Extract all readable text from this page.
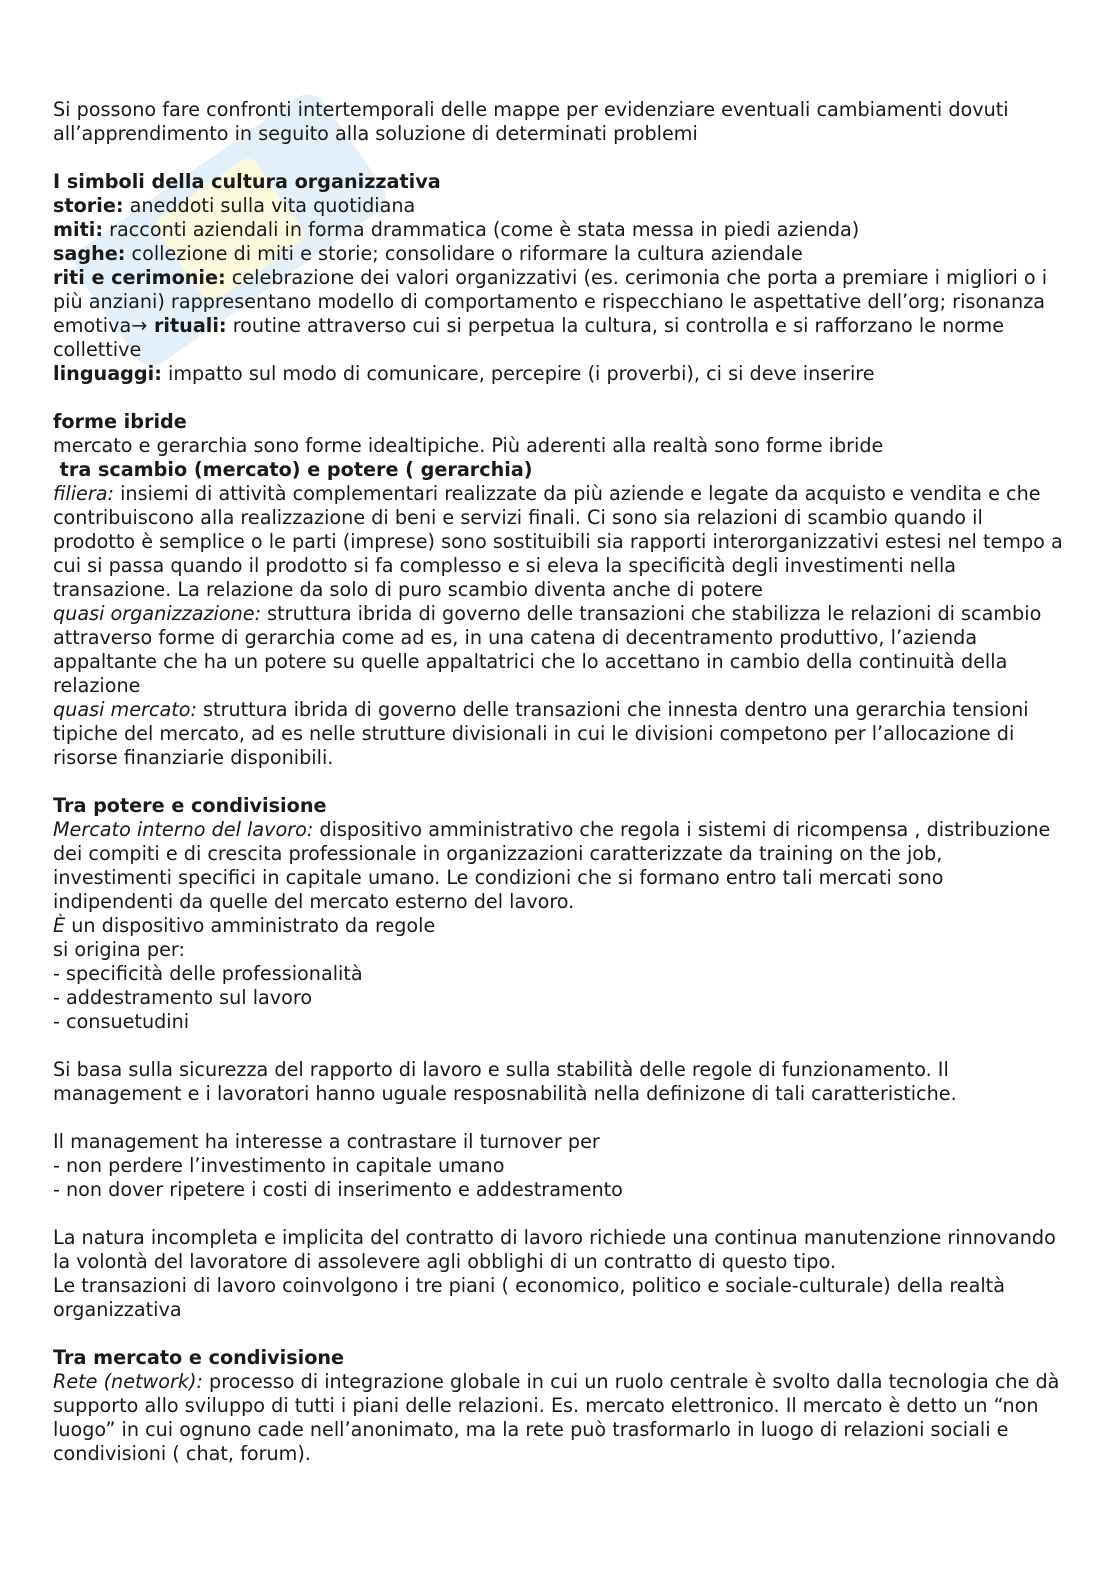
Si possono fare confronti intertemporali delle mappe per evidenziare eventuali cambiamenti dovuti all’apprendimento in seguito alla soluzione di determinati problemi

I simboli della cultura organizzativa

storie: aneddoti sulla vita quotidiana

miti: racconti aziendali in forma drammatica (come è stata messa in piedi azienda)

saghe: collezione di miti e storie; consolidare o riformare la cultura aziendale

riti e cerimonie: celebrazione dei valori organizzativi (es. cerimonia che porta a premiare i migliori o i più anziani) rappresentano modello di comportamento e rispecchiano le aspettative dell’org; risonanza emotiva→ rituali: routine attraverso cui si perpetua la cultura, si controlla e si rafforzano le norme collettive

linguaggi: impatto sul modo di comunicare, percepire (i proverbi), ci si deve inserire

forme ibride

mercato e gerarchia sono forme idealtipiche. Più aderenti alla realtà sono forme ibride

tra scambio (mercato) e potere ( gerarchia)

filiera: insiemi di attività complementari realizzate da più aziende e legate da acquisto e vendita e che contribuiscono alla realizzazione di beni e servizi finali. Ci sono sia relazioni di scambio quando il prodotto è semplice o le parti (imprese) sono sostituibili sia rapporti interorganizzativi estesi nel tempo a cui si passa quando il prodotto si fa complesso e si eleva la specificità degli investimenti nella transazione. La relazione da solo di puro scambio diventa anche di potere

quasi organizzazione: struttura ibrida di governo delle transazioni che stabilizza le relazioni di scambio attraverso forme di gerarchia come ad es, in una catena di decentramento produttivo, l’azienda appaltante che ha un potere su quelle appaltatrici che lo accettano in cambio della continuità della relazione

quasi mercato: struttura ibrida di governo delle transazioni che innesta dentro una gerarchia tensioni tipiche del mercato, ad es nelle strutture divisionali in cui le divisioni competono per l’allocazione di risorse finanziarie disponibili.

Tra potere e condivisione

Mercato interno del lavoro: dispositivo amministrativo che regola i sistemi di ricompensa , distribuzione dei compiti e di crescita professionale in organizzazioni caratterizzate da training on the job, investimenti specifici in capitale umano. Le condizioni che si formano entro tali mercati sono indipendenti da quelle del mercato esterno del lavoro.

È un dispositivo amministrato da regole

si origina per:

- specificità delle professionalità

- addestramento sul lavoro

- consuetudini

Si basa sulla sicurezza del rapporto di lavoro e sulla stabilità delle regole di funzionamento. Il management e i lavoratori hanno uguale resposnabilità nella definizone di tali caratteristiche.

Il management ha interesse a contrastare il turnover per

- non perdere l’investimento in capitale umano

- non dover ripetere i costi di inserimento e addestramento

La natura incompleta e implicita del contratto di lavoro richiede una continua manutenzione rinnovando la volontà del lavoratore di assolevere agli obblighi di un contratto di questo tipo.

Le transazioni di lavoro coinvolgono i tre piani ( economico, politico e sociale-culturale) della realtà organizzativa

Tra mercato e condivisione

Rete (network): processo di integrazione globale in cui un ruolo centrale è svolto dalla tecnologia che dà supporto allo sviluppo di tutti i piani delle relazioni. Es. mercato elettronico. Il mercato è detto un “non luogo” in cui ognuno cade nell’anonimato, ma la rete può trasformarlo in luogo di relazioni sociali e condivisioni ( chat, forum).
